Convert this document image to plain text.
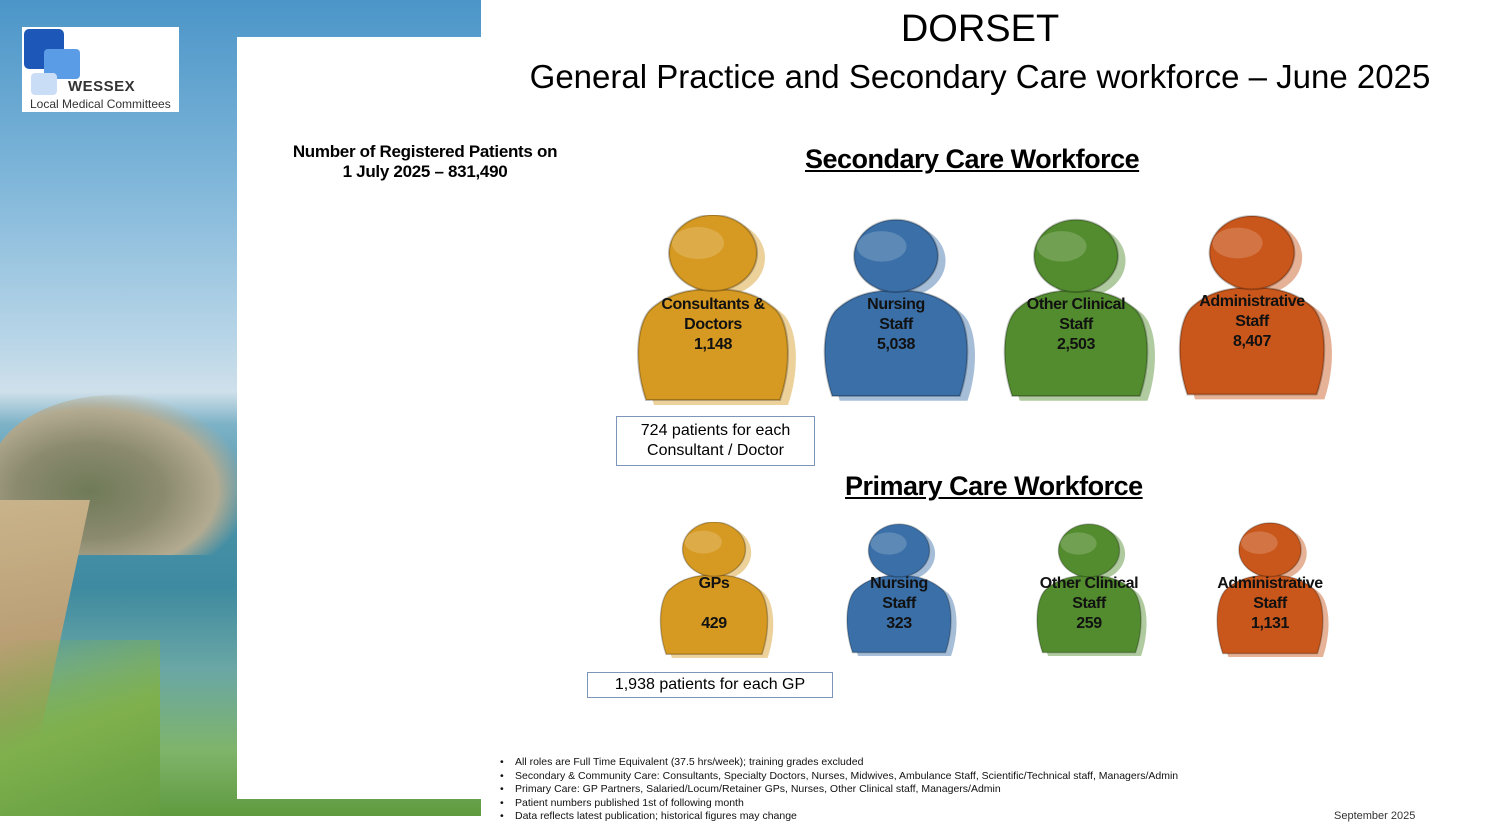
WESSEX
Local Medical Committees
DORSET
General Practice and Secondary Care workforce – June 2025
Number of Registered Patients on
1 July 2025 – 831,490	Secondary Care Workforce
Primary Care Workforce
Consultants &
Doctors
1,148
Nursing
Staff
5,038
Other Clinical
Staff
2,503
Administrative
Staff
8,407
GPs
429
Nursing
Staff
323
Other Clinical
Staff
259
Administrative
Staff
1,131
724 patients for each
Consultant / Doctor
1,938 patients for each GP
• All roles are Full Time Equivalent (37.5 hrs/week); training grades excluded
• Secondary & Community Care: Consultants, Specialty Doctors, Nurses, Midwives, Ambulance Staff, Scientific/Technical staff, Managers/Admin
• Primary Care: GP Partners, Salaried/Locum/Retainer GPs, Nurses, Other Clinical staff, Managers/Admin
• Patient numbers published 1st of following month
• Data reflects latest publication; historical figures may change	September 2025
